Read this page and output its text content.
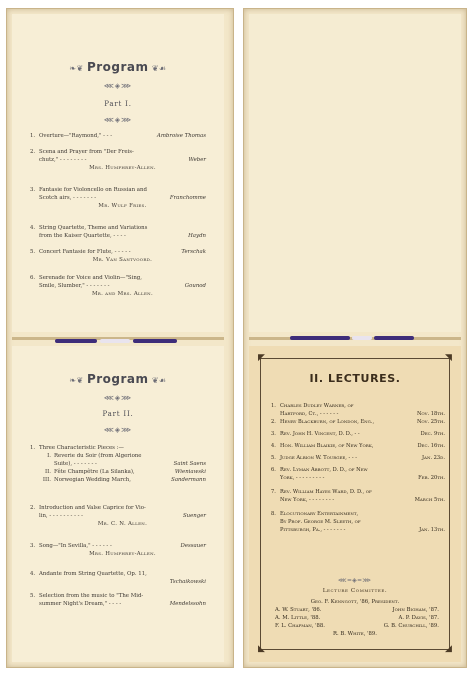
❧❦ Program ❦☙
⋘◈⋙
Part I.
⋘◈⋙
1. Overture—"Raymond," - - -	Ambroise Thomas
2. Scena and Prayer from "Der Freis-
chutz," - - - - - - - -	Weber
Mrs. Humphrey-Allen.
3. Fantasie for Violoncello on Russian and
Scotch airs, - - - - - - -	Franchomme
Mr. Wulf Fries.
4. String Quartette, Theme and Variations
from the Kaiser Quartette, - - - -	Haydn
5. Concert Fantasie for Flute, - - - - -	Terschak
Mr. Van Santvoord.
6. Serenade for Voice and Violin—"Sing,
Smile, Slumber," - - - - - - -	Gounod
Mr. and Mrs. Allen.
❧❦ Program ❦☙
⋘◈⋙
Part II.
⋘◈⋙
1. Three Characteristic Pieces :—
I. Reverie du Soir (from Algerione
Suite), - - - - - - -	Saint Saens
II. Fête Champêtre (La Silanka),	Wieniawski
III. Norwegian Wedding March,	Sandermann
2. Introduction and Valse Caprice for Vio-
lin, - - - - - - - - - -	Suenger
Mr. C. N. Allen.
3. Song—"In Sevilla," - - - - - -	Dessauer
Mrs. Humphrey-Allen.
4. Andante from String Quartette, Op. 11,
Tschaikowski
5. Selection from the music to "The Mid-
summer Night's Dream," - - - -	Mendelssohn
◤	◥
◣	◢
II. LECTURES.
1. Charles Dudley Warner, of
Hartford, Ct., - - - - - -	Nov. 18th.
2. Henry Blackburn, of London, Eng.,	Nov. 25th.
3. Rev. John H. Vincent, D. D., - -	Dec. 9th.
4. Hon. William Blaikie, of New York,	Dec. 16th.
5. Judge Albion W. Tourgee, - - -	Jan. 23d.
6. Rev. Lyman Abbott, D. D., of New
York, - - - - - - - - -	Feb. 20th.
7. Rev. William Hayes Ward, D. D., of
New York, - - - - - - - -	March 5th.
8. Elocutionary Entertainment,
By Prof. George M. Sleeth, of
Pittsburgh, Pa., - - - - - - -	Jan. 13th.
⋘═◈═⋙
Lecture Committee.
Geo. F. Kenngott, '86, President.
A. W. Stuart, '86.	John Bigham, '87.
A. M. Little, '88.	A. P. Davis, '87.
F. L. Chapman, '88.	G. B. Churchill, '89.
R. B. White, '89.
